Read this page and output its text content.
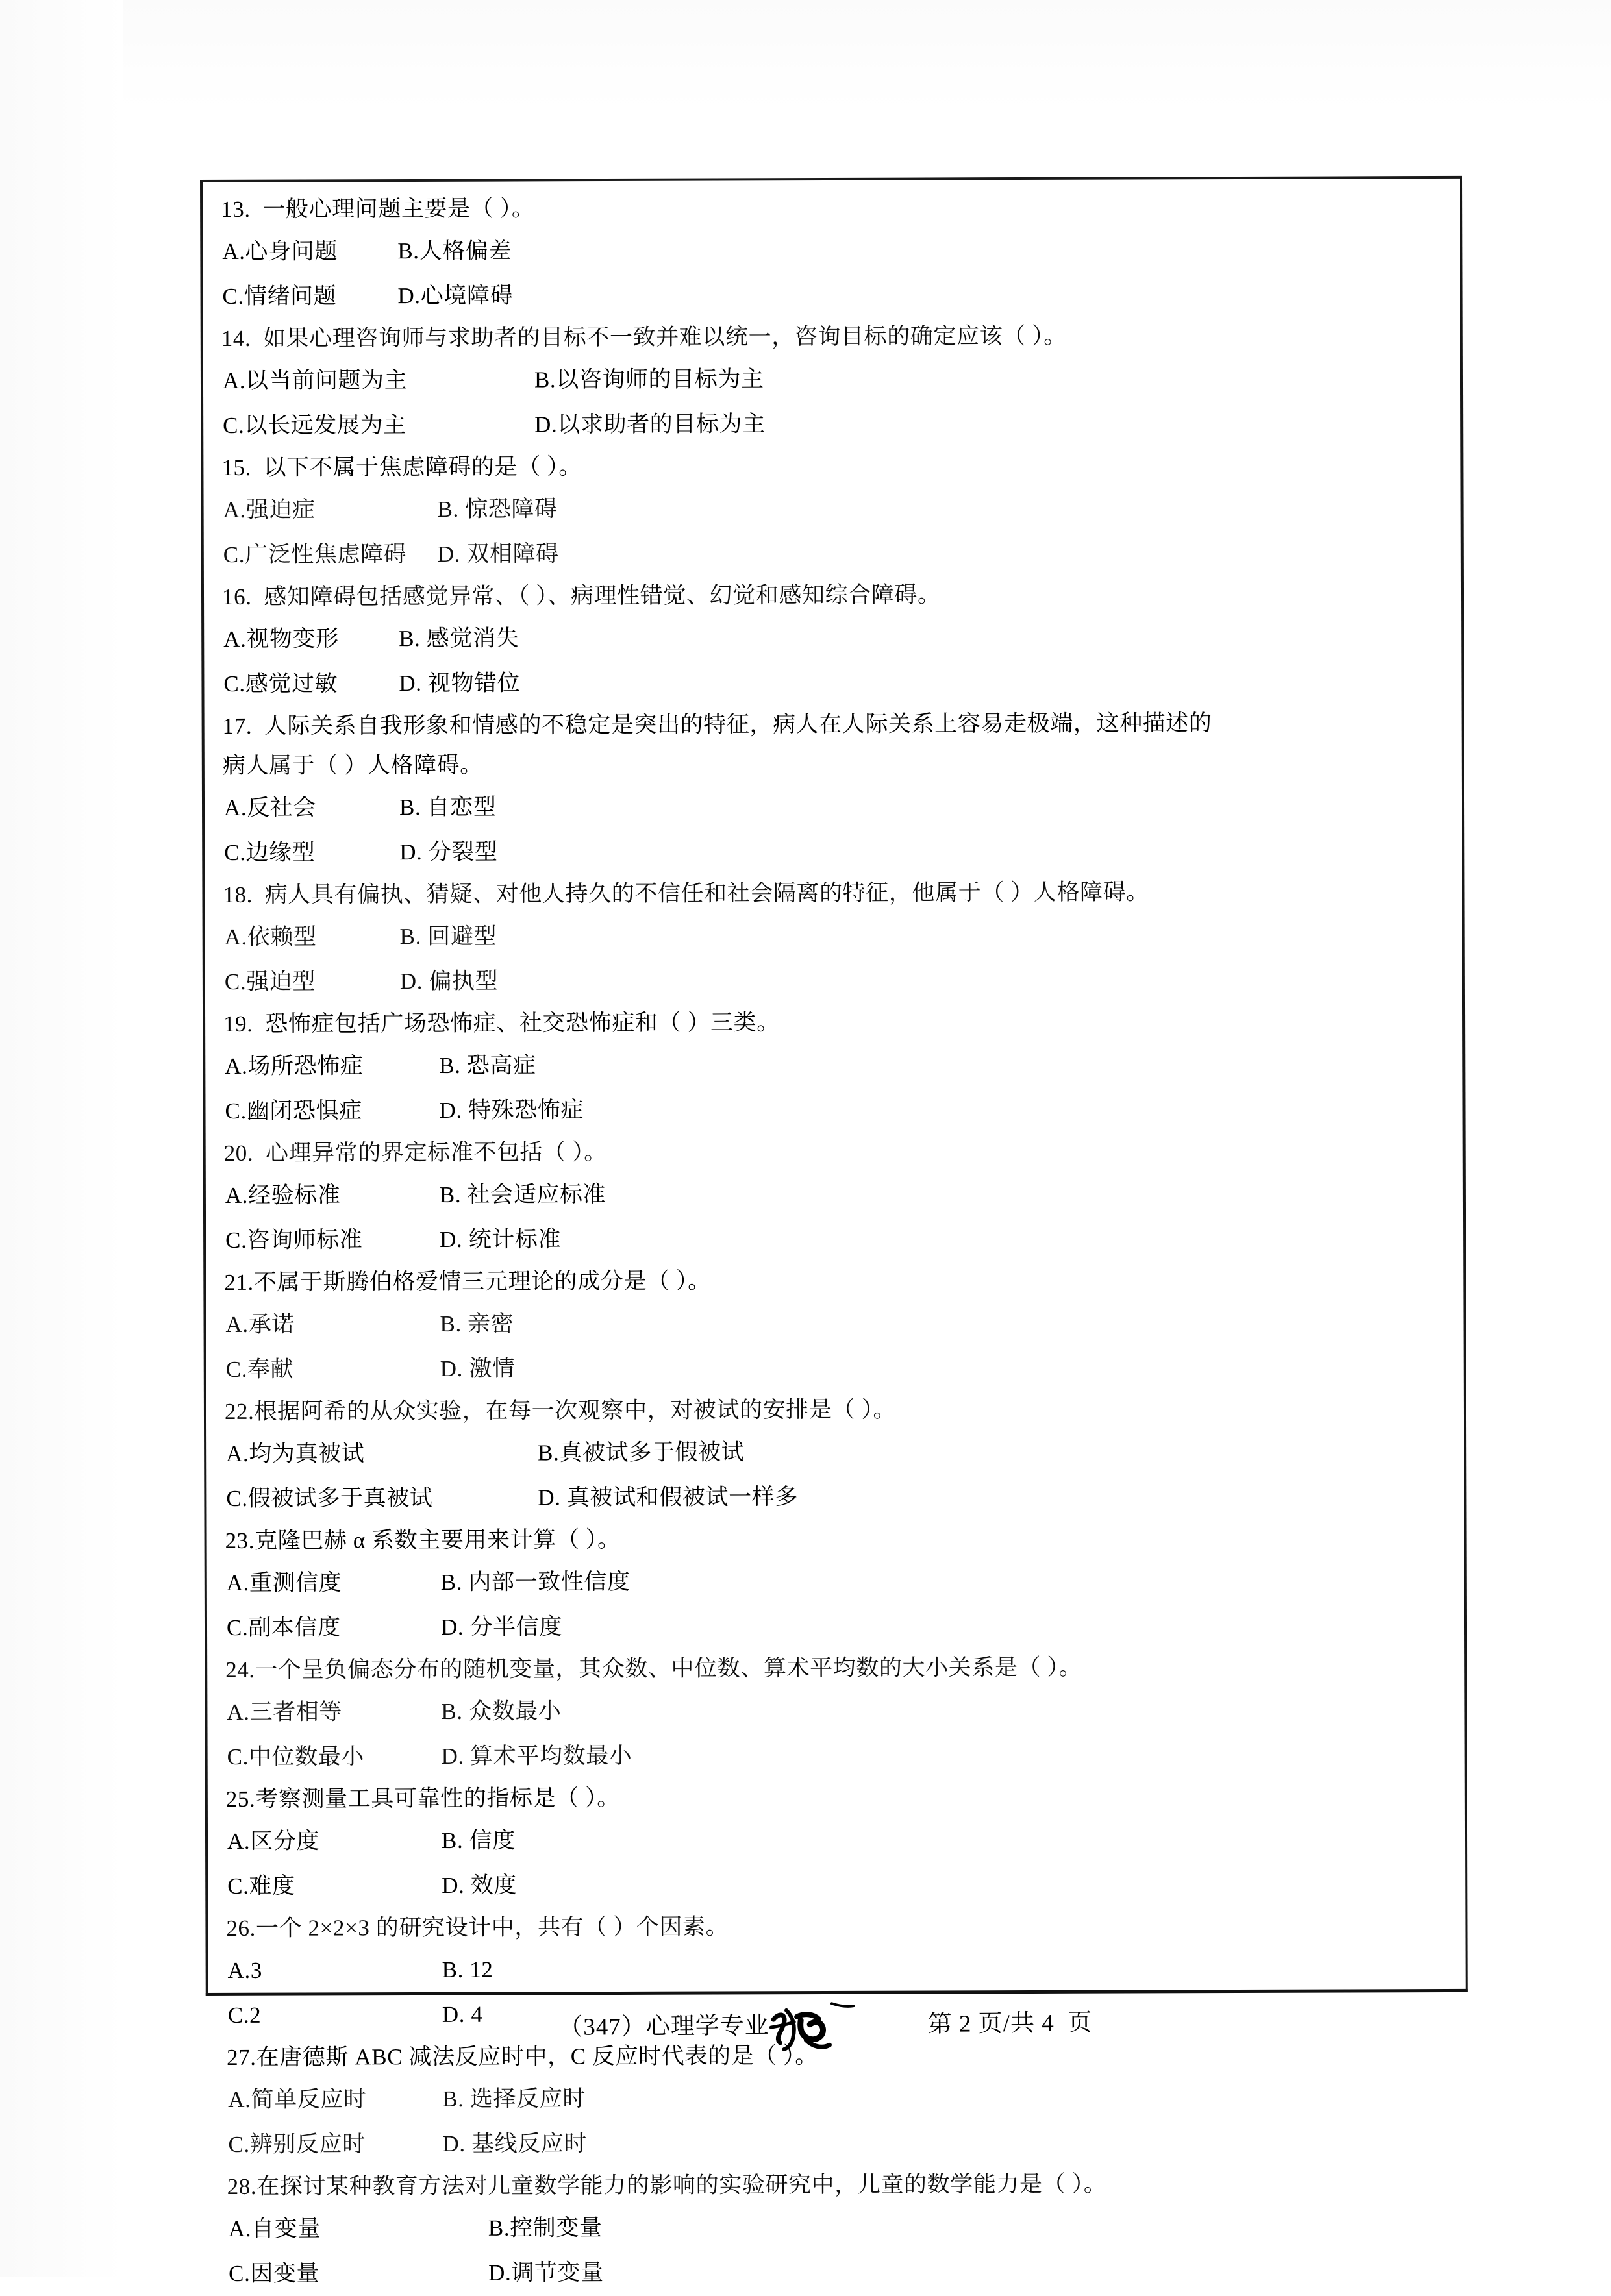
13.  一般心理问题主要是（ ）。
A.心身问题	B.人格偏差
C.情绪问题	D.心境障碍
14.  如果心理咨询师与求助者的目标不一致并难以统一，咨询目标的确定应该（ ）。
A.以当前问题为主	B.以咨询师的目标为主
C.以长远发展为主	D.以求助者的目标为主
15.  以下不属于焦虑障碍的是（ ）。
A.强迫症	B. 惊恐障碍
C.广泛性焦虑障碍	D. 双相障碍
16.  感知障碍包括感觉异常、（ ）、病理性错觉、幻觉和感知综合障碍。
A.视物变形	B. 感觉消失
C.感觉过敏	D. 视物错位
17.  人际关系自我形象和情感的不稳定是突出的特征，病人在人际关系上容易走极端，这种描述的
病人属于（ ）人格障碍。
A.反社会	B. 自恋型
C.边缘型	D. 分裂型
18.  病人具有偏执、猜疑、对他人持久的不信任和社会隔离的特征，他属于（ ）人格障碍。
A.依赖型	B. 回避型
C.强迫型	D. 偏执型
19.  恐怖症包括广场恐怖症、社交恐怖症和（ ）三类。
A.场所恐怖症	B. 恐高症
C.幽闭恐惧症	D. 特殊恐怖症
20.  心理异常的界定标准不包括（ ）。
A.经验标准	B. 社会适应标准
C.咨询师标准	D. 统计标准
21.不属于斯腾伯格爱情三元理论的成分是（ ）。
A.承诺	B. 亲密
C.奉献	D. 激情
22.根据阿希的从众实验，在每一次观察中，对被试的安排是（ ）。
A.均为真被试	B.真被试多于假被试
C.假被试多于真被试	D. 真被试和假被试一样多
23.克隆巴赫 α 系数主要用来计算（ ）。
A.重测信度	B. 内部一致性信度
C.副本信度	D. 分半信度
24.一个呈负偏态分布的随机变量，其众数、中位数、算术平均数的大小关系是（ ）。
A.三者相等	B. 众数最小
C.中位数最小	D. 算术平均数最小
25.考察测量工具可靠性的指标是（ ）。
A.区分度	B. 信度
C.难度	D. 效度
26.一个 2×2×3 的研究设计中，共有（ ）个因素。
A.3	B. 12
C.2	D. 4
27.在唐德斯 ABC 减法反应时中，C 反应时代表的是（ ）。
A.简单反应时	B. 选择反应时
C.辨别反应时	D. 基线反应时
28.在探讨某种教育方法对儿童数学能力的影响的实验研究中，儿童的数学能力是（ ）。
A.自变量	B.控制变量
C.因变量	D.调节变量
（347）心理学专业	第 2 页/共 4  页
